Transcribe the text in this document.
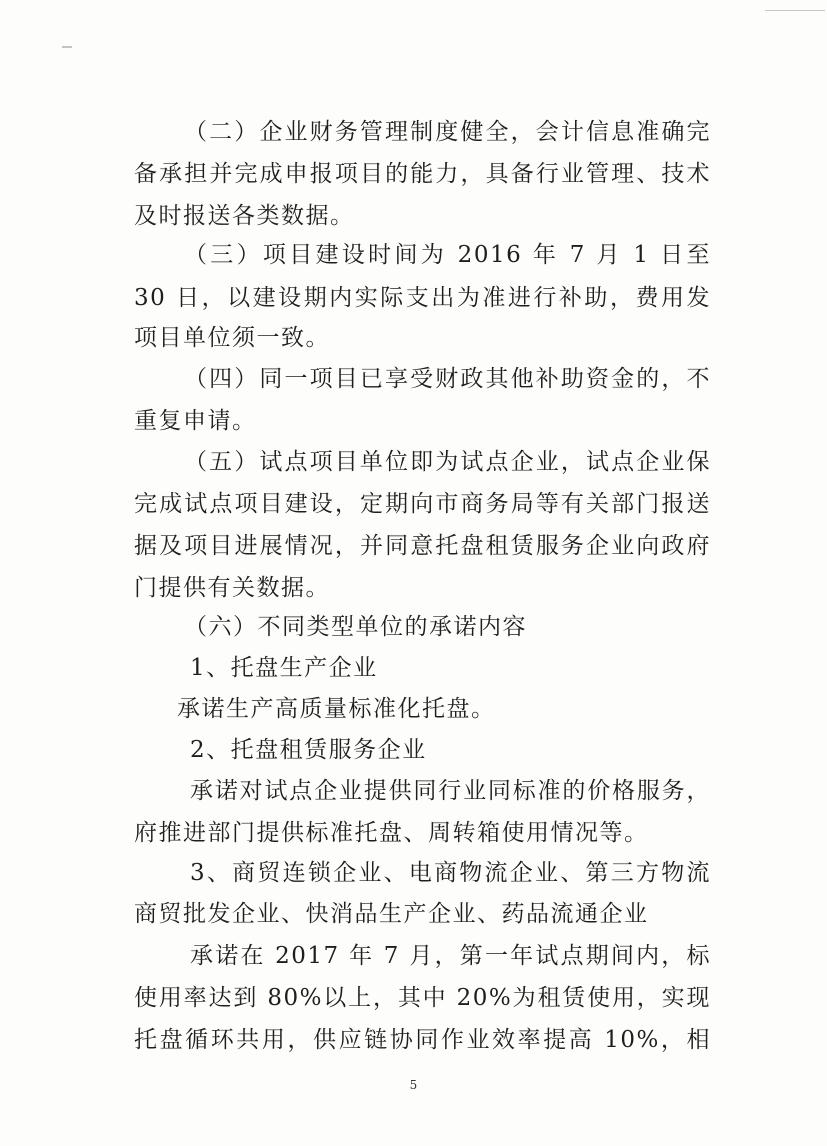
（二）企业财务管理制度健全，会计信息准确完
备承担并完成申报项目的能力，具备行业管理、技术
及时报送各类数据。
（三）项目建设时间为 2016 年 7 月 1 日至
30 日，以建设期内实际支出为准进行补助，费用发
项目单位须一致。
（四）同一项目已享受财政其他补助资金的，不
重复申请。
（五）试点项目单位即为试点企业，试点企业保
完成试点项目建设，定期向市商务局等有关部门报送
据及项目进展情况，并同意托盘租赁服务企业向政府
门提供有关数据。
（六）不同类型单位的承诺内容
1、托盘生产企业
承诺生产高质量标准化托盘。
2、托盘租赁服务企业
承诺对试点企业提供同行业同标准的价格服务，
府推进部门提供标准托盘、周转箱使用情况等。
3、商贸连锁企业、电商物流企业、第三方物流
商贸批发企业、快消品生产企业、药品流通企业
承诺在 2017 年 7 月，第一年试点期间内，标
使用率达到 80%以上，其中 20%为租赁使用，实现
托盘循环共用，供应链协同作业效率提高 10%，相
5
